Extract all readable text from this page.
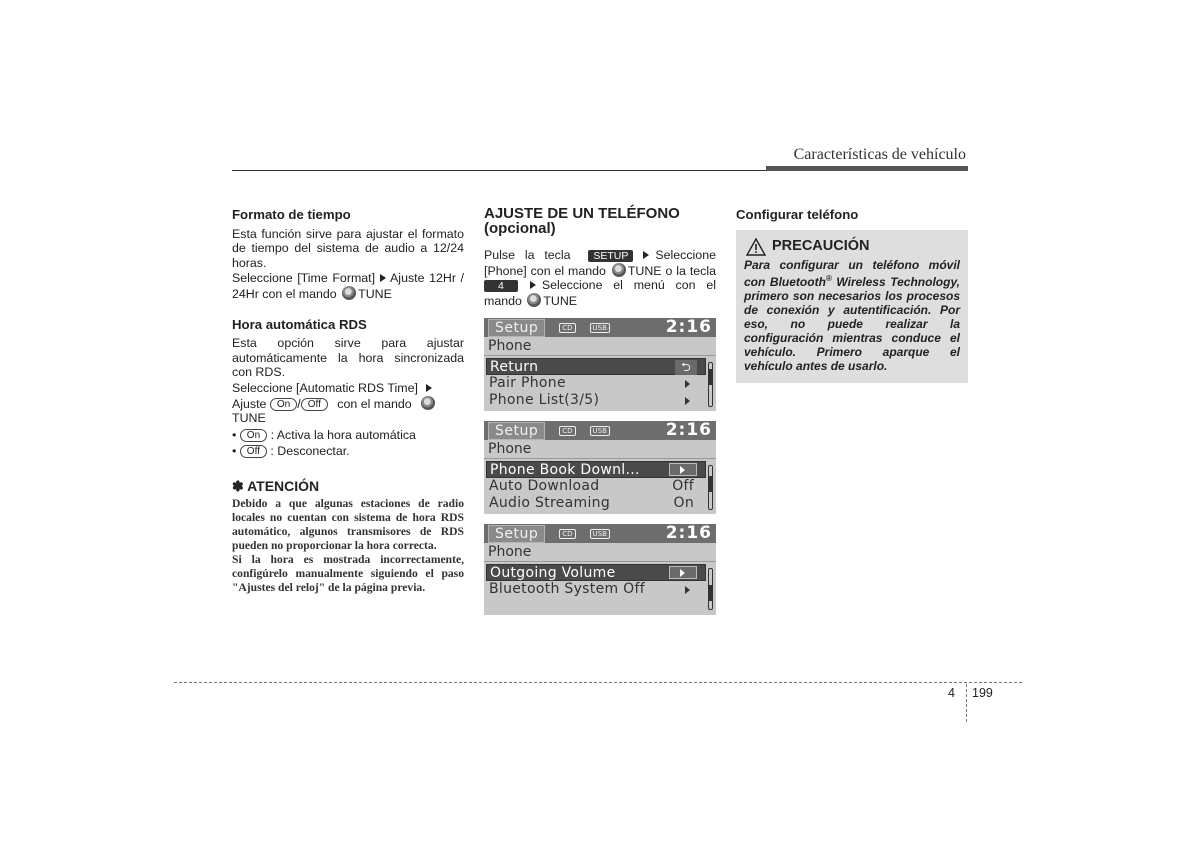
Características de vehículo
Formato de tiempo
Esta función sirve para ajustar el formato de tiempo del sistema de audio a 12/24 horas.
Seleccione [Time Format] Ajuste 12Hr / 24Hr con el mando TUNE
Hora automática RDS
Esta opción sirve para ajustar automáticamente la hora sincronizada con RDS.
Seleccione [Automatic RDS Time]
Ajuste On / Off con el mando
TUNE
• On : Activa la hora automática
• Off : Desconectar.
✽ ATENCIÓN
Debido a que algunas estaciones de radio locales no cuentan con sistema de hora RDS automático, algunos transmisores de RDS pueden no proporcionar la hora correcta.
Si la hora es mostrada incorrectamente, configúrelo manualmente siguiendo el paso "Ajustes del reloj" de la página previa.
AJUSTE DE UN TELÉFONO (opcional)
Pulse la tecla SETUP Seleccione [Phone] con el mando TUNE o la tecla 4	Seleccione el menú con el mando TUNE
Setup	CD	USB	2:16
Phone
Return	⮌
Pair Phone
Phone List(3/5)
Setup	CD	USB	2:16
Phone
Phone Book Downl...
Auto Download	Off
Audio Streaming	On
Setup	CD	USB	2:16
Phone
Outgoing Volume
Bluetooth System Off
Configurar teléfono
PRECAUCIÓN
Para configurar un teléfono móvil con Bluetooth® Wireless Technology, primero son necesarios los procesos de conexión y autentificación. Por eso, no puede realizar la configuración mientras conduce el vehículo. Primero aparque el vehículo antes de usarlo.
4 199
